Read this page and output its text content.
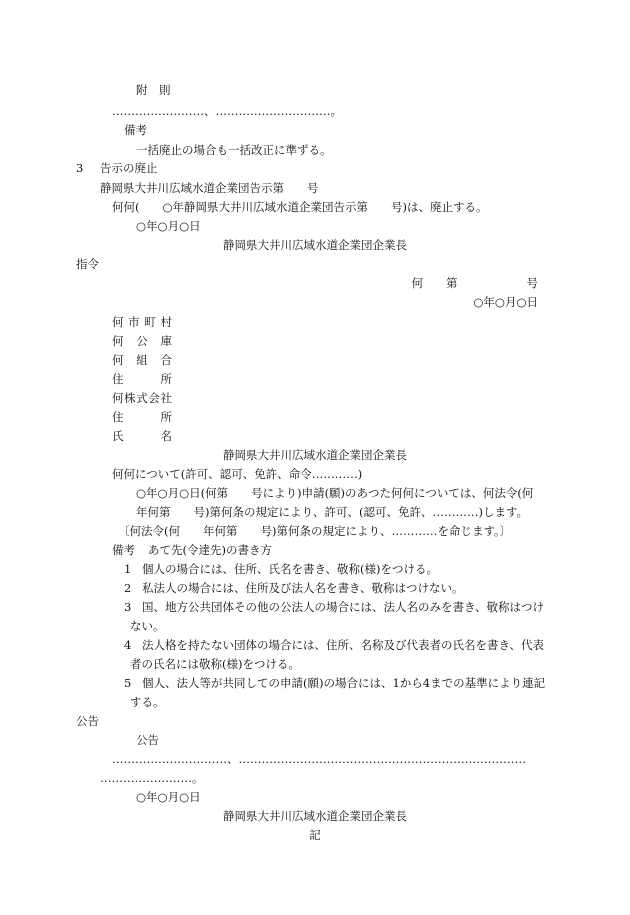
附　則
……………………、…………………………。
備考
一括廃止の場合も一括改正に準ずる。
3 告示の廃止
静岡県大井川広域水道企業団告示第　　号
何何(　　○年静岡県大井川広域水道企業団告示第　　号)は、廃止する。
○年○月○日
静岡県大井川広域水道企業団企業長
指令
何　　第　　　　　　号
○年○月○日
何市町村
何公庫
何組合
住所
何株式会社
住所
氏名
静岡県大井川広域水道企業団企業長
何何について(許可、認可、免許、命令…………)
○年○月○日(何第　　号により)申請(願)のあつた何何については、何法令(何
年何第　　号)第何条の規定により、許可、(認可、免許、…………)します。
〔何法令(何　　年何第　　号)第何条の規定により、…………を命じます。〕
備考 あて先(令達先)の書き方
1 個人の場合には、住所、氏名を書き、敬称(様)をつける。
2 私法人の場合には、住所及び法人名を書き、敬称はつけない。
3 国、地方公共団体その他の公法人の場合には、法人名のみを書き、敬称はつけ
ない。
4 法人格を持たない団体の場合には、住所、名称及び代表者の氏名を書き、代表
者の氏名には敬称(様)をつける。
5 個人、法人等が共同しての申請(願)の場合には、1から4までの基準により連記
する。
公告
公告
…………………………、…………………………………………………………………
……………………。
○年○月○日
静岡県大井川広域水道企業団企業長
記
